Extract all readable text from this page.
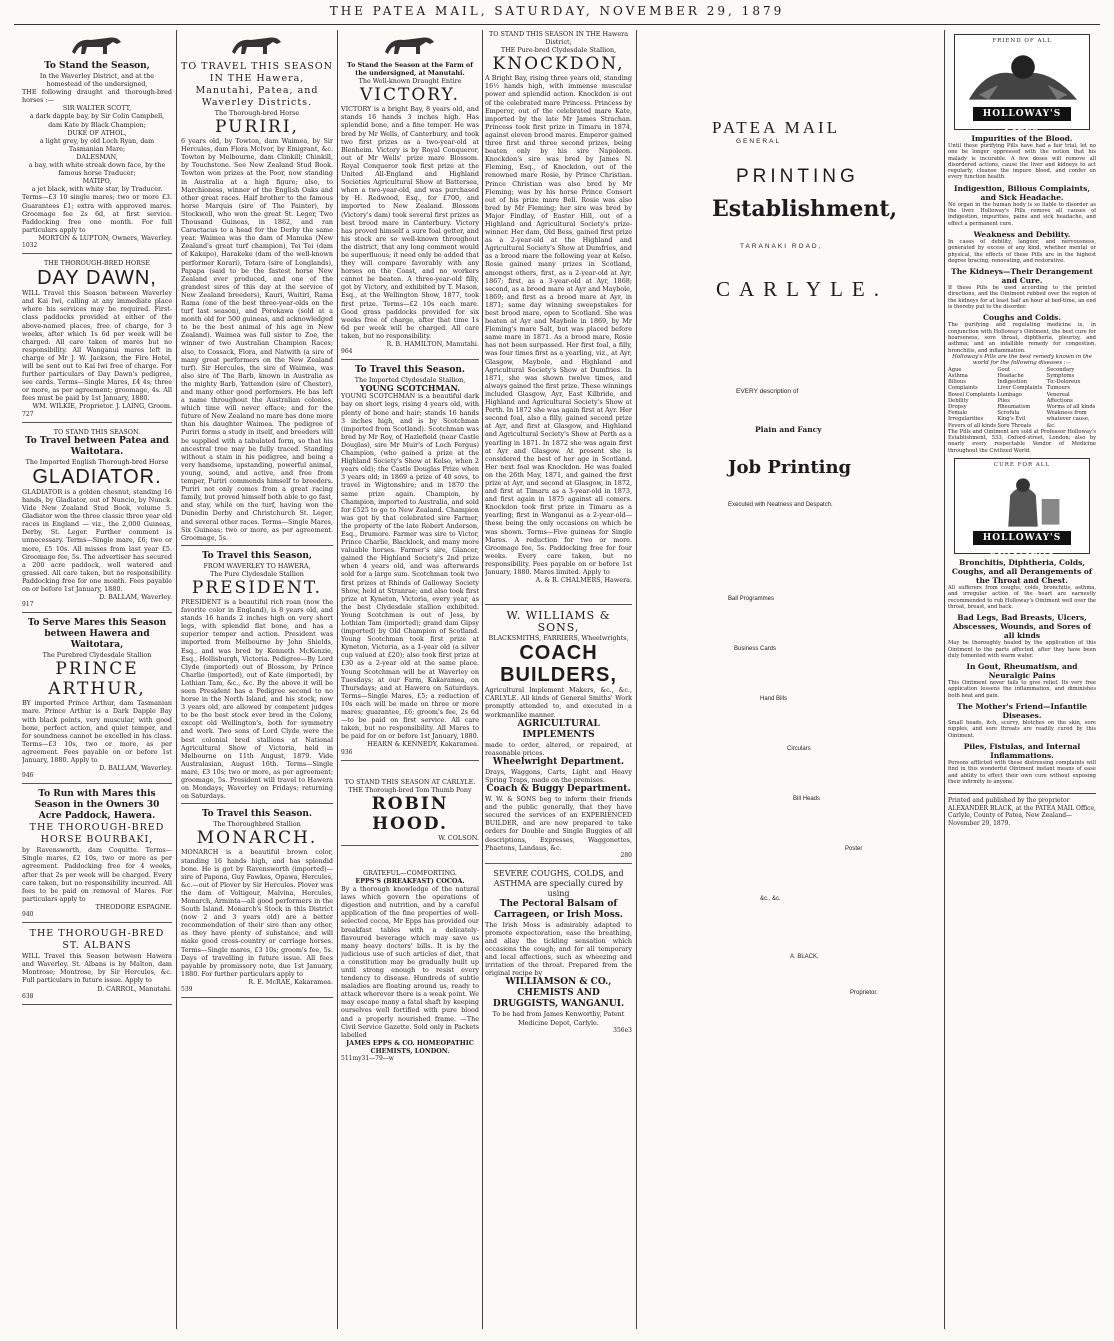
THE PATEA MAIL, SATURDAY, NOVEMBER 29, 1879
To Stand the Season,
In the Waverley District, and at the homestead of the undersigned,
THE following draught and thorough-bred horses :—
SIR WALTER SCOTT,
a dark dapple bay, by Sir Colin Campbell, dam Kate by Black Champion;
DUKE OF ATHOL,
a light grey, by old Loch Ryan, dam Tasmanian Mare;
DALESMAN,
a bay, with white streak down face, by the famous horse Traducer;
MATIPO,
a jet black, with white star, by Traducer.
Terms—£3 10 single mares; two or more £3. Guarantees £1; extra with approved mares. Groomage fee 2s 6d, at first service. Paddocking free one month. For full particulars apply to
MORTON & LUPTON, Owners, Waverley.
1032
THE THOROUGH-BRED HORSE
DAY DAWN,
WILL Travel this Season between Waverley and Kai Iwi, calling at any immediate place where his services may be required. First-class paddocks provided at either of the above-named places, free of charge, for 3 weeks, after which 1s 6d per week will be charged. All care taken of mares but no responsibility. All Wanganui mares left in charge of Mr J. W. Jackson, the Fire Hotel, will be sent out to Kai Iwi free of charge. For further particulars of Day Dawn's pedigree, see cards. Terms—Single Mares, £4 4s; three or more, as per agreement; groomage, 4s. All fees must be paid by 1st January, 1880.
WM. WILKIE, Proprietor. J. LAING, Groom.
727
TO STAND THIS SEASON.
To Travel between Patea and Waitotara.
The Imported English Thorough-bred Horse
GLADIATOR.
GLADIATOR is a golden chesnut, standing 16 hands, by Gladiator, out of Nuncio, by Nunck. Vide New Zealand Stud Book, volume 5. Gladiator won the three classic three year old races in England — viz., the 2,000 Guineas, Derby, St. Leger. Further comment is unnecessary. Terms—Single mare, £6; two or more, £5 10s. All misses from last year £5. Groomage fee, 5s. The advertiser has secured a 200 acre paddock, well watered and grassed. All care taken, but no responsibility. Paddocking free for one month. Fees payable on or before 1st January, 1880.
D. BALLAM, Waverley.
917
To Serve Mares this Season between Hawera and Waitotara,
The Purebred Clydesdale Stallion
PRINCE ARTHUR,
BY imported Prince Arthur, dam Tasmanian mare. Prince Arthur is a Dark Dapple Bay with black points, very muscular, with good bone, perfect action, and quiet temper, and for soundness cannot be excelled in his class. Terms—£3 10s, two or more, as per agreement. Fees payable on or before 1st January, 1880. Apply to
D. BALLAM, Waverley.
946
To Run with Mares this Season in the Owners 30 Acre Paddock, Hawera.
THE THOROUGH-BRED HORSE BOURBAKI,
by Ravensworth, dam Coquitte. Terms—Single mares, £2 10s, two or more as per agreement. Paddocking free for 4 weeks, after that 2s per week will be charged. Every care taken, but no responsibility incurred. All fees to be paid on removal of Mares. For particulars apply to
THEODORE ESPAGNE.
940
THE THOROUGH-BRED
ST. ALBANS
WILL Travel this Season between Hawera and Waverley. St. Albans is by Malton, dam Montrose; Montrose, by Sir Hercules, &c. Full particulars in future issue. Apply to
D. CARROL, Manutahi.
638
TO TRAVEL THIS SEASON IN THE Hawera, Manutahi, Patea, and Waverley Districts.
The Thorough-bred Horse
PURIRI,
6 years old, by Towton, dam Waimea, by Sir Hercules, dam Flora McIvor, by Emigrant, &c. Towton by Melbourne, dam Clinkill; Chinkill, by Touchstone. See New Zealand Stud Book. Towton won prizes at the Poor, now standing in Australia at a high figure; also, to Marchioness, winner of the English Oaks and other great races. Half brother to the famous horse Marquis (sire of The Painter), by Stockwell, who won the great St. Leger, Two Thousand Guineas, in 1862, and ran Caractacus to a head for the Derby the same year. Waimea was the dam of Manuka (New Zealand's great turf champion), Tei Tei (dam of Kakapo), Harakeke (dam of the well-known performer Korari), Totara (sire of Longlands), Papapa (said to be the fastest horse New Zealand ever produced, and one of the grandest sires of this day at the service of New Zealand breeders), Kauri, Waitiri, Rama Rama (one of the best three-year-olds on the turf last season), and Porokawa (sold at a month old for 500 guineas, and acknowledged to be the best animal of his age in New Zealand). Waimea was full sister to Zoe, the winner of two Australian Champion Races; also, to Cossack, Flora, and Natwith (a sire of many great performers on the New Zealand turf). Sir Hercules, the sire of Waimea, was also sire of The Barb, known in Australia as the mighty Barb, Yattendon (sire of Chester), and many other good performers. He has left a name throughout the Australian colonies, which time will never efface; and for the future of New Zealand no mare has done more than his daughter Waimea. The pedigree of Puriri forms a study in itself, and breeders will be supplied with a tabulated form, so that his ancestral tree may be fully traced. Standing without a stain in his pedigree, and being a very handsome, upstanding, powerful animal, young, sound, and active, and free from temper, Puriri commends himself to breeders. Puriri not only comes from a great racing family, but proved himself both able to go fast, and stay, while on the turf, having won the Dunedin Derby and Christchurch St. Leger, and several other races. Terms—Single Mares, Six Guineas; two or more, as per agreement. Groomage, 5s.
To Travel this Season,
FROM WAVERLEY TO HAWERA,
The Pure Clydesdale Stallion
PRESIDENT.
PRESIDENT is a beautiful rich roan (now the favorite color in England), is 8 years old, and stands 16 hands 2 inches high on very short legs, with splendid flat bone, and has a superior temper and action. President was imported from Melbourne by John Shields, Esq., and was bred by Kenneth McKenzie, Esq., Hollisburgh, Victoria. Pedigree—By Lord Clyde (imported) out of Blossom, by Prince Charlie (imported), out of Kate (imported), by Lothian Tam, &c., &c. By the above it will be seen President has a Pedigree second to no horse in the North Island, and his stock, now 3 years old, are allowed by competent judges to be the best stock ever bred in the Colony, except old Wellington's, both for symmetry and work. Two sons of Lord Clyde were the best colonial bred stallions at National Agricultural Show of Victoria, held in Melbourne on 11th August, 1879. Vide Australasian, August 16th. Terms—Single mare, £3 10s; two or more, as per agreement; groomage, 5s. President will travel to Hawera on Mondays; Waverley on Fridays; returning on Saturdays.
To Travel this Season.
The Thoroughbred Stallion
MONARCH.
MONARCH is a beautiful brown color, standing 16 hands high, and has splendid bone. He is got by Ravensworth (imported)—sire of Papona, Guy Fawkes, Opawa, Hercules, &c.—out of Plover by Sir Hercules. Plover was the dam of Voltigeur, Malvina, Hercules, Monarch, Arminta—all good performers in the South Island. Monarch's Stock in this District (now 2 and 3 years old) are a better recommendation of their sire than any other, as they have plenty of substance, and will make good cross-country or carriage horses. Terms—Single mares, £3 10s; groom's fee, 5s. Days of travelling in future issue. All fees payable by promissory note, due 1st January, 1880. For further particulars apply to
R. E. McRAE, Kakaramea.
539
To Stand the Season at the Farm of the undersigned, at Manutahi.
The Well-known Draught Entire
VICTORY.
VICTORY is a bright Bay, 8 years old, and stands 16 hands 3 inches high. Has splendid bone, and a fine temper. He was bred by Mr Wells, of Canterbury, and took two first prizes as a two-year-old at Blenheim. Victory is by Royal Conqueror, out of Mr Wells' prize mare Blossom. Royal Conqueror took first prize at the United All-England and Highland Societies Agricultural Show at Battersea, when a two-year-old, and was purchased by H. Redwood, Esq., for £700, and imported to New Zealand. Blossom (Victory's dam) took several first prizes as best brood mare in Canterbury. Victory has proved himself a sure foal getter, and his stock are so well-known throughout the district, that any long comment would be superfluous; it need only be added that they will compare favorably with any horses on the Coast, and no workers cannot be beaten. A three-year-old filly, got by Victory, and exhibited by T. Mason, Esq., at the Wellington Show, 1877, took first prize. Terms—£2 10s each mare. Good grass paddocks provided for six weeks free of charge, after that time 1s 6d per week will be charged. All care taken, but no responsibility.
R. B. HAMILTON, Manutahi.
964
To Travel this Season.
The Imported Clydesdale Stallion,
YOUNG SCOTCHMAN.
YOUNG SCOTCHMAN is a beautiful dark bay on short legs, rising 4 years old, with plenty of bone and hair; stands 16 hands 3 inches high, and is by Scotchman (imported from Scotland). Scotchman was bred by Mr Roy, of Hazlefield (near Castle Douglas), sire Mr Muir's of Loch Fergus) Champion, (who gained a prize at the Highland Society's Show at Kelso, when 2 years old); the Castle Douglas Prize when 3 years old; in 1869 a prize of 40 sovs, to travel in Wigtonshire; and in 1870 the same prize again. Champion, by Champion, imported to Australia, and sold for £525 to go to New Zealand. Champion was got by that celebrated sire Farmer, the property of the late Robert Anderson, Esq., Drumore. Farmer was sire to Victor, Prince Charlie, Blacklock, and many more valuable horses. Farmer's sire, Glancer, gained the Highland Society's 2nd prize when 4 years old, and was afterwards sold for a large sum. Scotchman took two first prizes at Rhinds of Galloway Society Show, held at Stranrae; and also took first prize at Kyneton, Victoria, every year, as the best Clydesdale stallion exhibited. Young Scotchman is out of Jess, by Lothian Tam (imported); grand dam Gipsy (imported) by Old Champion of Scotland. Young Scotchman took first prize at Kyneton, Victoria, as a 1-year old (a silver cup valued at £20); also took first prize at £30 as a 2-year old at the same place. Young Scotchman will be at Waverley on Tuesdays; at our Farm, Kakaramea, on Thursdays; and at Hawera on Saturdays. Terms—Single Mares, £5; a reduction of 10s each will be made on three or more mares; guarantee, £6; groom's fee, 2s 6d—to be paid on first service. All care taken, but no responsibility. All Mares to be paid for on or before 1st January, 1880.
HEARN & KENNEDY, Kakaramea.
936
TO STAND THIS SEASON AT CARLYLE.
THE Thorough-bred Tom Thumb Pony
ROBIN HOOD.
W. COLSON.
GRATEFUL—COMFORTING.
EPPS'S (BREAKFAST) COCOA.
By a thorough knowledge of the natural laws which govern the operations of digestion and nutrition, and by a careful application of the fine properties of well-selected cocoa, Mr Epps has provided our breakfast tables with a delicately-flavoured beverage which may save us many heavy doctors' bills. It is by the judicious use of such articles of diet, that a constitution may be gradually built up until strong enough to resist every tendency to disease. Hundreds of subtle maladies are floating around us, ready to attack wherever there is a weak point. We may escape many a fatal shaft by keeping ourselves well fortified with pure blood and a properly nourished frame. —The Civil Service Gazette. Sold only in Packets labelled
JAMES EPPS & CO. HOMEOPATHIC CHEMISTS, LONDON.
511my31—79—w
TO STAND THIS SEASON IN THE Hawera District,
THE Pure-bred Clydesdale Stallion,
KNOCKDON,
A Bright Bay, rising three years old, standing 16½ hands high, with immense muscular power and splendid action. Knockdon is out of the celebrated mare Princess. Princess by Emperor, out of the celebrated mare Kate, imported by the late Mr James Strachan. Princess took first prize in Timaru in 1874, against eleven brood mares. Emperor gained three first and three second prizes, being beaten only by his sire Napoleon. Knockdon's sire was bred by James N. Fleming, Esq., of Knockdon, out of the renowned mare Rosie, by Prince Christian. Prince Christian was also bred by Mr Fleming; was by his horse Prince Consort out of his prize mare Bell. Rosie was also bred by Mr Fleming; her sire was bred by Major Findlay, of Easter Hill, out of a Highland and Agricultural Society's prize-winner. Her dam, Old Bess, gained first prize as a 2-year-old at the Highland and Agricultural Society's Show at Dumfries, and as a brood mare the following year at Kelso. Rosie gained many prizes in Scotland, amongst others, first, as a 2-year-old at Ayr, 1867; first, as a 3-year-old at Ayr, 1868; second, as a brood mare at Ayr and Maybole, 1869; and first as a brood mare at Ayr, in 1871; same day winning sweepstakes for best brood mare, open to Scotland. She was beaten at Ayr and Maybole in 1869, by Mr Fleming's mare Salt, but was placed before same mare in 1871. As a brood mare, Rosie has not been surpassed. Her first foal, a filly, was four times first as a yearling, viz., at Ayr, Glasgow, Maybole, and Highland and Agricultural Society's Show at Dumfries. In 1871, she was shown twelve times, and always gained the first prize. These winnings included Glasgow, Ayr, East Kilbride, and Highland and Agricultural Society's Show at Perth. In 1872 she was again first at Ayr. Her second foal, also a filly, gained second prize at Ayr, and first at Glasgow, and Highland and Agricultural Society's Show at Perth as a yearling in 1871. In 1872 she was again first at Ayr and Glasgow. At present she is considered the best of her age in Scotland. Her next foal was Knockdon. He was foaled on the 26th May, 1871, and gained the first prize at Ayr, and second at Glasgow, in 1872, and first at Timaru as a 3-year-old in 1873, and first again in 1875 against all comers. Knockdon took first prize in Timaru as a yearling; first in Wanganui as a 2-year-old—these being the only occasions on which he was shown. Terms—Five guineas for Single Mares. A reduction for two or more. Groomage fee, 5s. Paddocking free for four weeks. Every care taken, but no responsibility. Fees payable on or before 1st January, 1880. Mares limited. Apply to
A. & R. CHALMERS, Hawera.
W. WILLIAMS & SONS,
BLACKSMITHS, FARRIERS, Wheelwrights,
COACH BUILDERS,
Agricultural Implement Makers, &c., &c., CARLYLE. All kinds of General Smiths' Work promptly attended to, and executed in a workmanlike manner.
AGRICULTURAL IMPLEMENTS
made to order, altered, or repaired, at reasonable prices.
Wheelwright Department.
Drays, Waggons, Carts, Light and Heavy Spring Traps, made on the premises.
Coach & Buggy Department.
W. W. & SONS beg to inform their friends and the public generally, that they have secured the services of an EXPERIENCED BUILDER, and are now prepared to take orders for Double and Single Buggies of all descriptions, Expresses, Waggonettes, Phaetons, Landaus, &c.
280
SEVERE COUGHS, COLDS, and ASTHMA are specially cured by using
The Pectoral Balsam of Carrageen, or Irish Moss.
The Irish Moss is admirably adapted to promote expectoration, ease the breathing, and allay the tickling sensation which occasions the cough; and for all temporary and local affections, such as wheezing and irritation of the throat. Prepared from the original recipe by
WILLIAMSON & CO., CHEMISTS AND DRUGGISTS, WANGANUI.
To be had from James Kenworthy, Patent Medicine Depot, Carlyle.
356e3
PATEA MAIL
GENERAL
PRINTING
Establishment,
TARANAKI ROAD,
CARLYLE.
EVERY description of
Plain and Fancy
Job Printing
Executed with Neatness and Despatch.
Ball Programmes
Business Cards
Hand Bills
Circulars
Bill Heads
Poster
&c., &c.
A. BLACK,
Proprietor.
FRIEND OF ALL
HOLLOWAY'S PILLS
Impurities of the Blood.
Until these purifying Pills have had a fair trial, let no one be longer oppressed with the notion that his malady is incurable. A few doses will remove all disordered actions, cause the liver and kidneys to act regularly, cleanse the impure blood, and confer on every function health.
Indigestion, Bilious Complaints, and Sick Headache.
No organ in the human body is so liable to disorder as the liver. Holloway's Pills remove all causes of indigestion, impurities, pains and sick headache, and effect a permanent cure.
Weakness and Debility.
In cases of debility, languor, and nervousness, generated by excess of any kind, whether mental or physical, the effects of these Pills are in the highest degree bracing, renovating, and restorative.
The Kidneys—Their Derangement and Cure.
If these Pills be used according to the printed directions, and the Ointment rubbed over the region of the kidneys for at least half an hour at bed-time, an end is thereby put to the disorder.
Coughs and Colds.
The purifying and regulating medicine is, in conjunction with Holloway's Ointment, the best cure for hoarseness, sore throat, diphtheria, pleurisy, and asthma; and an infallible remedy for congestion, bronchitis, and inflammation.
Holloway's Pills are the best remedy known in the world for the following diseases :—
Ague
Asthma
Bilious Complaints
Bowel Complaints
Debility
Dropsy
Female Irregularities
Fevers of all kinds
Gout
Headache
Indigestion
Liver Complaints
Lumbago
Piles
Rheumatism
Scrofula
King's Evil
Sore Throats
Secondary Symptoms
Tic-Doloreux
Tumours
Venereal Affections
Worms of all kinds
Weakness from whatever cause, &c.
The Pills and Ointment are sold at Professor Holloway's Establishment, 533, Oxford-street, London; also by nearly every respectable Vendor of Medicine throughout the Civilized World.
CURE FOR ALL
HOLLOWAY'S OINTMENT
Bronchitis, Diphtheria, Colds, Coughs, and all Derangements of the Throat and Chest.
All sufferers from coughs, colds, bronchitis, asthma, and irregular action of the heart are earnestly recommended to rub Holloway's Ointment well over the throat, breast, and back.
Bad Legs, Bad Breasts, Ulcers, Abscesses, Wounds, and Sores of all kinds
May be thoroughly healed by the application of this Ointment to the parts affected, after they have been duly fomented with warm water.
In Gout, Rheumatism, and Neuralgic Pains
This Ointment never fails to give relief. Its very free application lessens the inflammation, and diminishes both heat and pain.
The Mother's Friend—Infantile Diseases.
Small heads, itch, scurvy, blotches on the skin, sore nipples, and sore throats are readily cured by this Ointment.
Piles, Fistulas, and Internal Inflammations.
Persons afflicted with these distressing complaints will find in this wonderful Ointment instant means of ease and ability to effect their own cure without exposing their infirmity to anyone.
Printed and published by the proprietor ALEXANDER BLACK, at the PATEA MAIL Office, Carlyle, County of Patea, New Zealand—November 29, 1879.
